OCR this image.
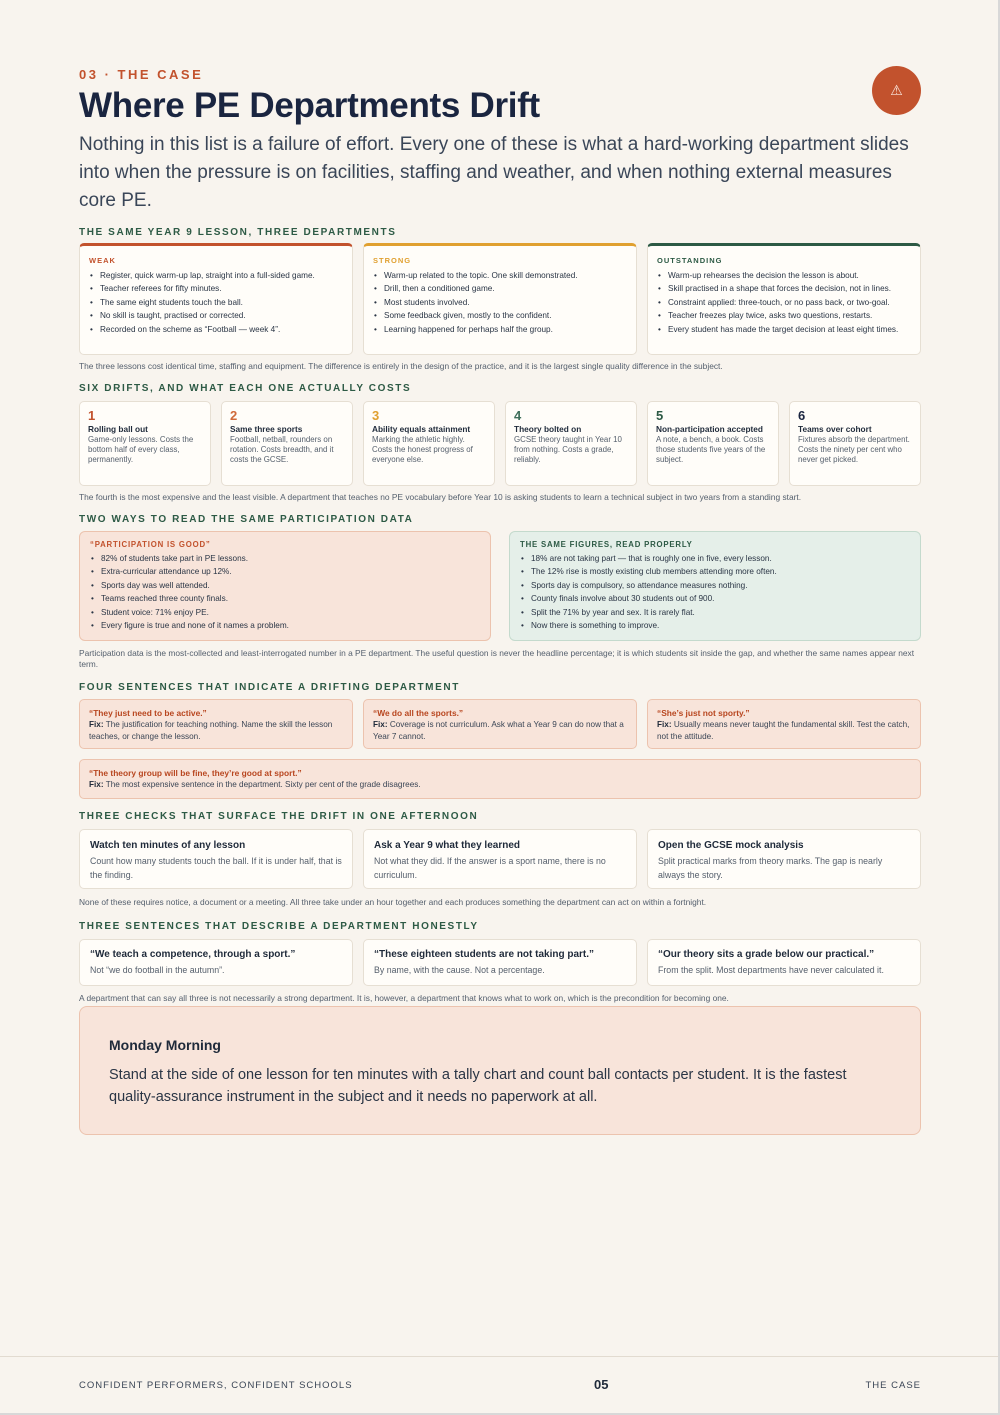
03 · THE CASE
Where PE Departments Drift	⚠

Nothing in this list is a failure of effort. Every one of these is what a hard-working department slides into when the pressure is on facilities, staffing and weather, and when nothing external measures core PE.

THE SAME YEAR 9 LESSON, THREE DEPARTMENTS
WEAK
• Register, quick warm-up lap, straight into a full-sided game.
• Teacher referees for fifty minutes.
• The same eight students touch the ball.
• No skill is taught, practised or corrected.
• Recorded on the scheme as “Football — week 4”.
STRONG
• Warm-up related to the topic. One skill demonstrated.
• Drill, then a conditioned game.
• Most students involved.
• Some feedback given, mostly to the confident.
• Learning happened for perhaps half the group.
OUTSTANDING
• Warm-up rehearses the decision the lesson is about.
• Skill practised in a shape that forces the decision, not in lines.
• Constraint applied: three-touch, or no pass back, or two-goal.
• Teacher freezes play twice, asks two questions, restarts.
• Every student has made the target decision at least eight times.
The three lessons cost identical time, staffing and equipment. The difference is entirely in the design of the practice, and it is the largest single quality difference in the subject.
SIX DRIFTS, AND WHAT EACH ONE ACTUALLY COSTS
1
Rolling ball out
Game-only lessons. Costs the bottom half of every class, permanently.
2
Same three sports
Football, netball, rounders on rotation. Costs breadth, and it costs the GCSE.
3
Ability equals attainment
Marking the athletic highly. Costs the honest progress of everyone else.
4
Theory bolted on
GCSE theory taught in Year 10 from nothing. Costs a grade, reliably.
5
Non-participation accepted
A note, a bench, a book. Costs those students five years of the subject.
6
Teams over cohort
Fixtures absorb the department. Costs the ninety per cent who never get picked.
The fourth is the most expensive and the least visible. A department that teaches no PE vocabulary before Year 10 is asking students to learn a technical subject in two years from a standing start.
TWO WAYS TO READ THE SAME PARTICIPATION DATA
“PARTICIPATION IS GOOD”
• 82% of students take part in PE lessons.
• Extra-curricular attendance up 12%.
• Sports day was well attended.
• Teams reached three county finals.
• Student voice: 71% enjoy PE.
• Every figure is true and none of it names a problem.
THE SAME FIGURES, READ PROPERLY
• 18% are not taking part — that is roughly one in five, every lesson.
• The 12% rise is mostly existing club members attending more often.
• Sports day is compulsory, so attendance measures nothing.
• County finals involve about 30 students out of 900.
• Split the 71% by year and sex. It is rarely flat.
• Now there is something to improve.
Participation data is the most-collected and least-interrogated number in a PE department. The useful question is never the headline percentage; it is which students sit inside the gap, and whether the same names appear next term.
FOUR SENTENCES THAT INDICATE A DRIFTING DEPARTMENT
“They just need to be active.”
Fix: The justification for teaching nothing. Name the skill the lesson teaches, or change the lesson.
“We do all the sports.”
Fix: Coverage is not curriculum. Ask what a Year 9 can do now that a Year 7 cannot.
“She’s just not sporty.”
Fix: Usually means never taught the fundamental skill. Test the catch, not the attitude.
“The theory group will be fine, they’re good at sport.”
Fix: The most expensive sentence in the department. Sixty per cent of the grade disagrees.
THREE CHECKS THAT SURFACE THE DRIFT IN ONE AFTERNOON
Watch ten minutes of any lesson
Count how many students touch the ball. If it is under half, that is the finding.
Ask a Year 9 what they learned
Not what they did. If the answer is a sport name, there is no curriculum.
Open the GCSE mock analysis
Split practical marks from theory marks. The gap is nearly always the story.
None of these requires notice, a document or a meeting. All three take under an hour together and each produces something the department can act on within a fortnight.
THREE SENTENCES THAT DESCRIBE A DEPARTMENT HONESTLY
“We teach a competence, through a sport.”
Not “we do football in the autumn”.
“These eighteen students are not taking part.”
By name, with the cause. Not a percentage.
“Our theory sits a grade below our practical.”
From the split. Most departments have never calculated it.
A department that can say all three is not necessarily a strong department. It is, however, a department that knows what to work on, which is the precondition for becoming one.
Monday Morning
Stand at the side of one lesson for ten minutes with a tally chart and count ball contacts per student. It is the fastest quality-assurance instrument in the subject and it needs no paperwork at all.
CONFIDENT PERFORMERS, CONFIDENT SCHOOLS	05	THE CASE
